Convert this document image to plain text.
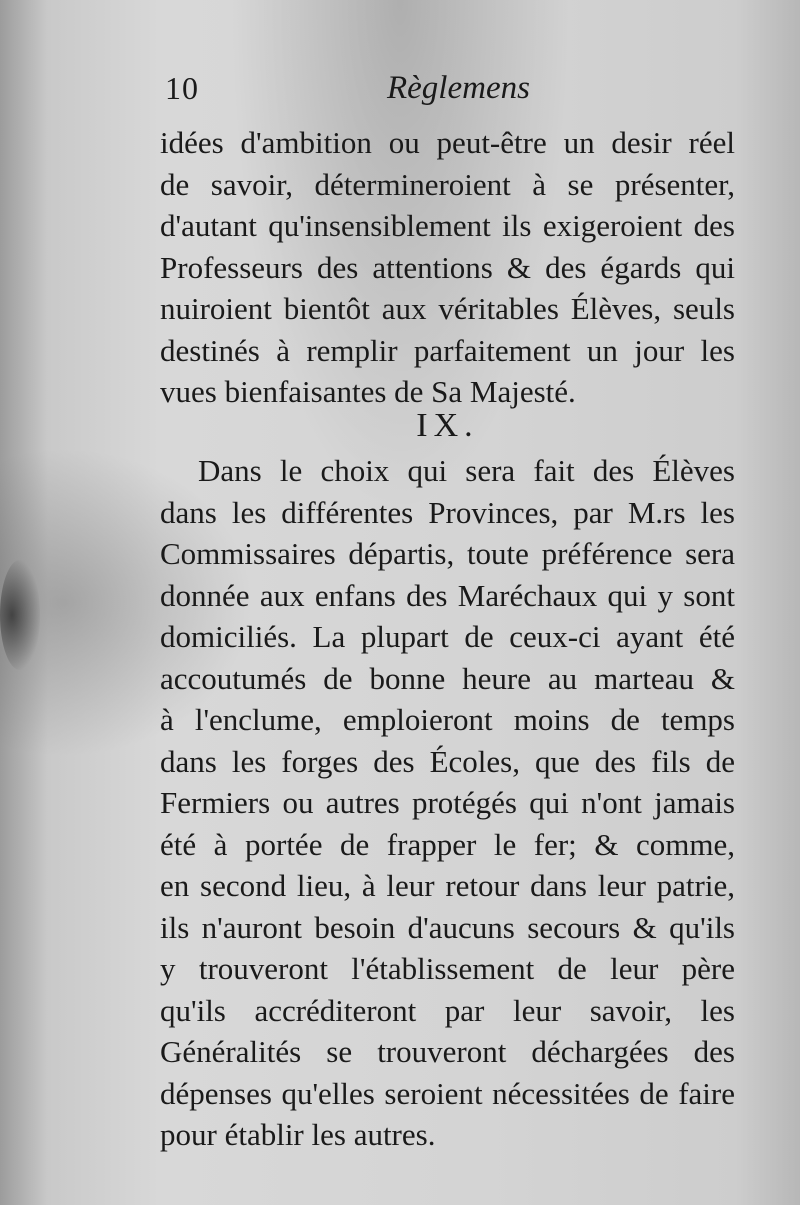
10	Règlemens
idées d'ambition ou peut-être un desir réel
de savoir, détermineroient à se présenter,
d'autant qu'insensiblement ils exigeroient des
Professeurs des attentions & des égards qui
nuiroient bientôt aux véritables Élèves, seuls
destinés à remplir parfaitement un jour les
vues bienfaisantes de Sa Majesté.
IX.
Dans le choix qui sera fait des Élèves
dans les différentes Provinces, par M.rs les
Commissaires départis, toute préférence sera
donnée aux enfans des Maréchaux qui y sont
domiciliés. La plupart de ceux-ci ayant été
accoutumés de bonne heure au marteau &
à l'enclume, emploieront moins de temps
dans les forges des Écoles, que des fils de
Fermiers ou autres protégés qui n'ont jamais
été à portée de frapper le fer; & comme,
en second lieu, à leur retour dans leur patrie,
ils n'auront besoin d'aucuns secours & qu'ils
y trouveront l'établissement de leur père
qu'ils accréditeront par leur savoir, les
Généralités se trouveront déchargées des
dépenses qu'elles seroient nécessitées de faire
pour établir les autres.
